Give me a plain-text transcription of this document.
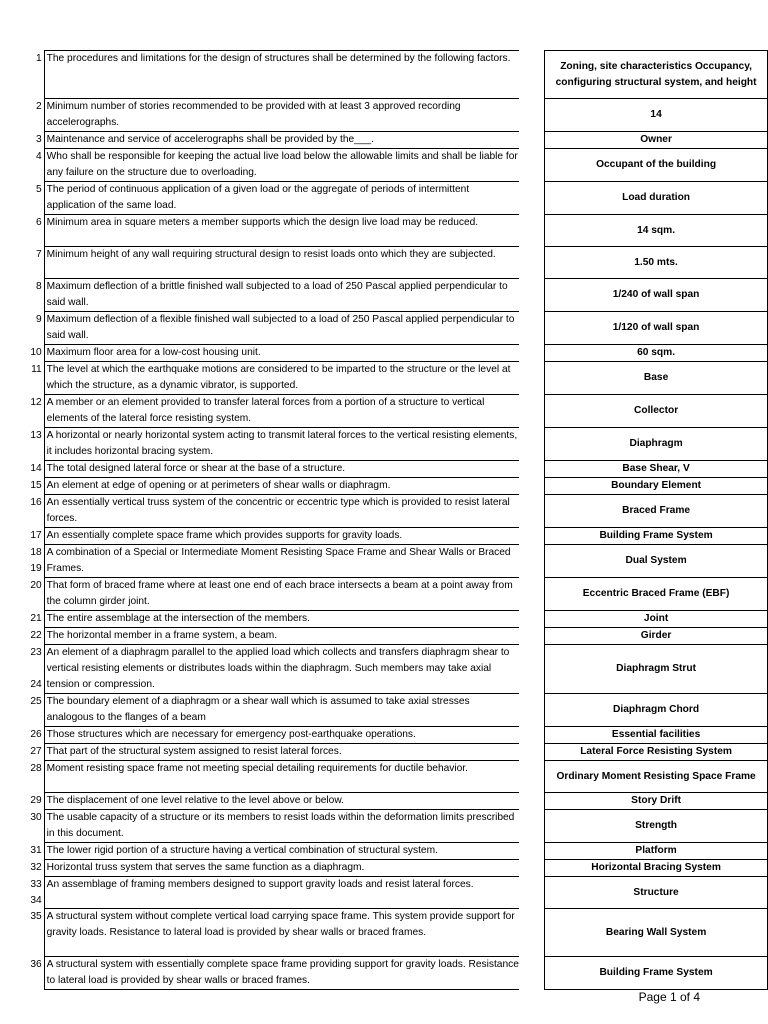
1	The procedures and limitations for the design of structures shall be determined by the following factors.		Zoning, site characteristics Occupancy, configuring structural system, and height

2	Minimum number of stories recommended to be provided with at least 3 approved recording accelerographs.		14

3	Maintenance and service of accelerographs shall be provided by the___.		Owner

4	Who shall be responsible for keeping the actual live load below the allowable limits and shall be liable for any failure on the structure due to overloading.		Occupant of the building

5	The period of continuous application of a given load or the aggregate of periods of intermittent application of the same load.		Load duration

6	Minimum area in square meters a member supports which the design live load may be reduced.		14 sqm.

7	Minimum height of any wall requiring structural design to resist loads onto which they are subjected.		1.50 mts.

8	Maximum deflection of a brittle finished wall subjected to a load of 250 Pascal applied perpendicular to said wall.		1/240 of wall span

9	Maximum deflection of a flexible finished wall subjected to a load of 250 Pascal applied perpendicular to said wall.		1/120 of wall span

10	Maximum floor area for a low-cost housing unit.		60 sqm.

11	The level at which the earthquake motions are considered to be imparted to the structure or the level at which the structure, as a dynamic vibrator, is supported.		Base

12	A member or an element provided to transfer lateral forces from a portion of a structure to vertical elements of the lateral force resisting system.		Collector

13	A horizontal or nearly horizontal system acting to transmit lateral forces to the vertical resisting elements, it includes horizontal bracing system.		Diaphragm

14	The total designed lateral force or shear at the base of a structure.		Base Shear, V

15	An element at edge of opening or at perimeters of shear walls or diaphragm.		Boundary Element

16	An essentially vertical truss system of the concentric or eccentric type which is provided to resist lateral forces.		Braced Frame

17	An essentially complete space frame which provides supports for gravity loads.		Building Frame System

18
19	A combination of a Special or Intermediate Moment Resisting Space Frame and Shear Walls or Braced Frames.		Dual System

20	That form of braced frame where at least one end of each brace intersects a beam at a point away from the column girder joint.		Eccentric Braced Frame (EBF)

21	The entire assemblage at the intersection of the members.		Joint

22	The horizontal member in a frame system, a beam.		Girder

23
24	An element of a diaphragm parallel to the applied load which collects and transfers diaphragm shear to vertical resisting elements or distributes loads within the diaphragm. Such members may take axial tension or compression.		Diaphragm Strut

25	The boundary element of a diaphragm or a shear wall which is assumed to take axial stresses analogous to the flanges of a beam		Diaphragm Chord

26	Those structures which are necessary for emergency post-earthquake operations.		Essential facilities

27	That part of the structural system assigned to resist lateral forces.		Lateral Force Resisting System

28	Moment resisting space frame not meeting special detailing requirements for ductile behavior.		Ordinary Moment Resisting Space Frame

29	The displacement of one level relative to the level above or below.		Story Drift

30	The usable capacity of a structure or its members to resist loads within the deformation limits prescribed in this document.		Strength

31	The lower rigid portion of a structure having a vertical combination of structural system.		Platform

32	Horizontal truss system that serves the same function as a diaphragm.		Horizontal Bracing System

33
34	An assemblage of framing members designed to support gravity loads and resist lateral forces.		Structure

35	A structural system without complete vertical load carrying space frame. This system provide support for gravity loads. Resistance to lateral load is provided by shear walls or braced frames.		Bearing Wall System

36	A structural system with essentially complete space frame providing support for gravity loads. Resistance to lateral load is provided by shear walls or braced frames.		Building Frame System
Page 1 of 4
